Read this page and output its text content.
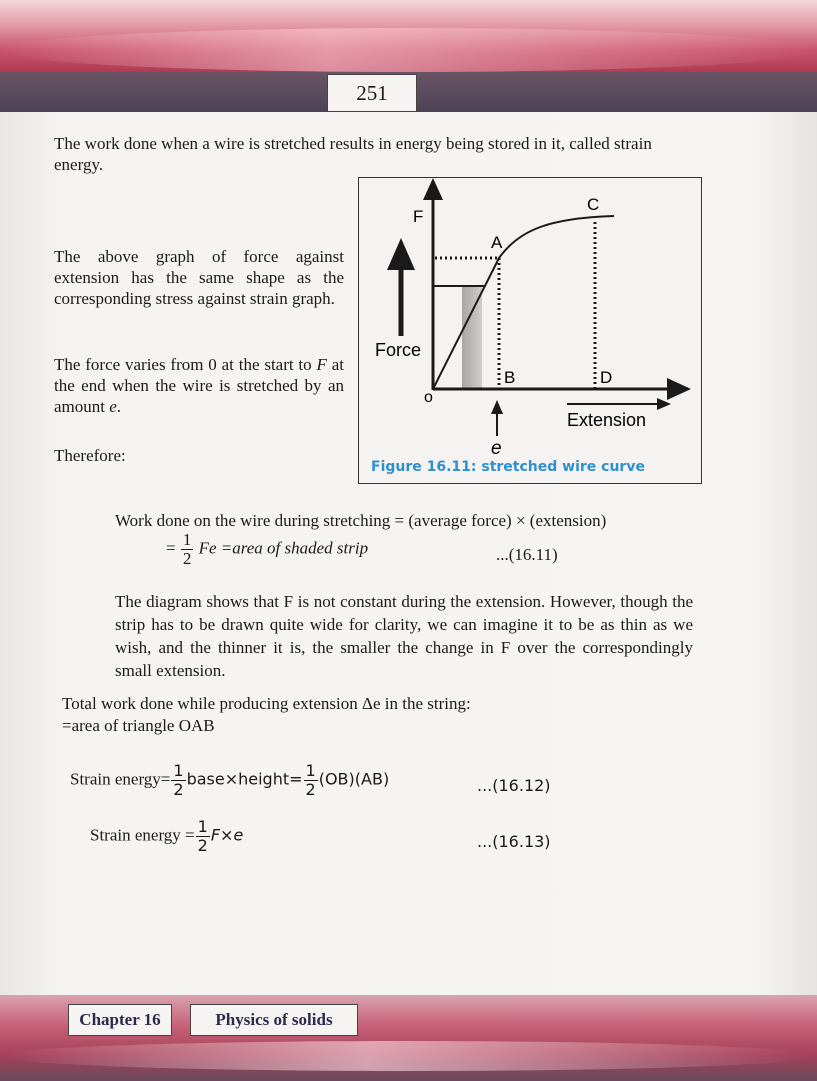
251
The work done when a wire is stretched results in energy being stored in it, called strain energy.
The above graph of force against extension has the same shape as the corresponding stress against strain graph.
The force varies from 0 at the start to F at the end when the wire is stretched by an amount e.
Therefore:
F
A
C
B	D
o
Force
Extension
e
Figure 16.11: stretched wire curve
Work done on the wire during stretching = (average force) × (extension)
= $\frac{1}{2}$ Fe =area of shaded strip	...(16.11)
The diagram shows that F is not constant during the extension. However, though the strip has to be drawn quite wide for clarity, we can imagine it to be as thin as we wish, and the thinner it is, the smaller the change in F over the correspondingly small extension.
Total work done while producing extension Δe in the string:
=area of triangle OAB
Strain energy= $\frac{1}{2}$ base×height= $\frac{1}{2} (OB)(AB)$	...(16.12)
Strain energy = $\frac{1}{2} F\times e$	...(16.13)
Chapter 16	Physics of solids
